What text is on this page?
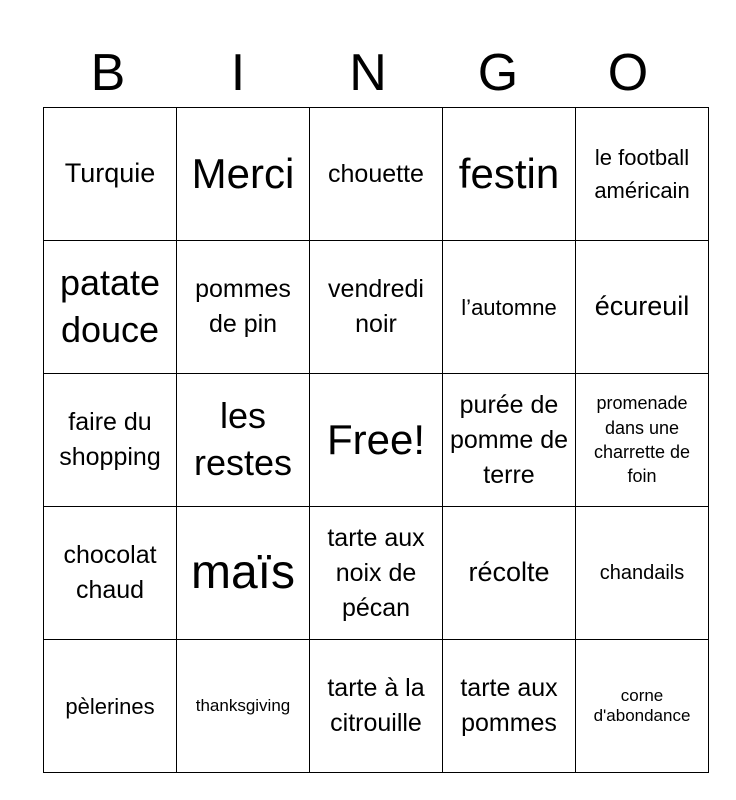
B	I	N	G	O
Turquie	Merci	chouette	festin	le football américain

patate douce	pommes de pin	vendredi noir	l’automne	écureuil

faire du shopping	les restes	Free!	purée de pomme de terre	promenade dans une charrette de foin

chocolat chaud	maïs	tarte aux noix de pécan	récolte	chandails

pèlerines	thanksgiving	tarte à la citrouille	tarte aux pommes	corne d'abondance
